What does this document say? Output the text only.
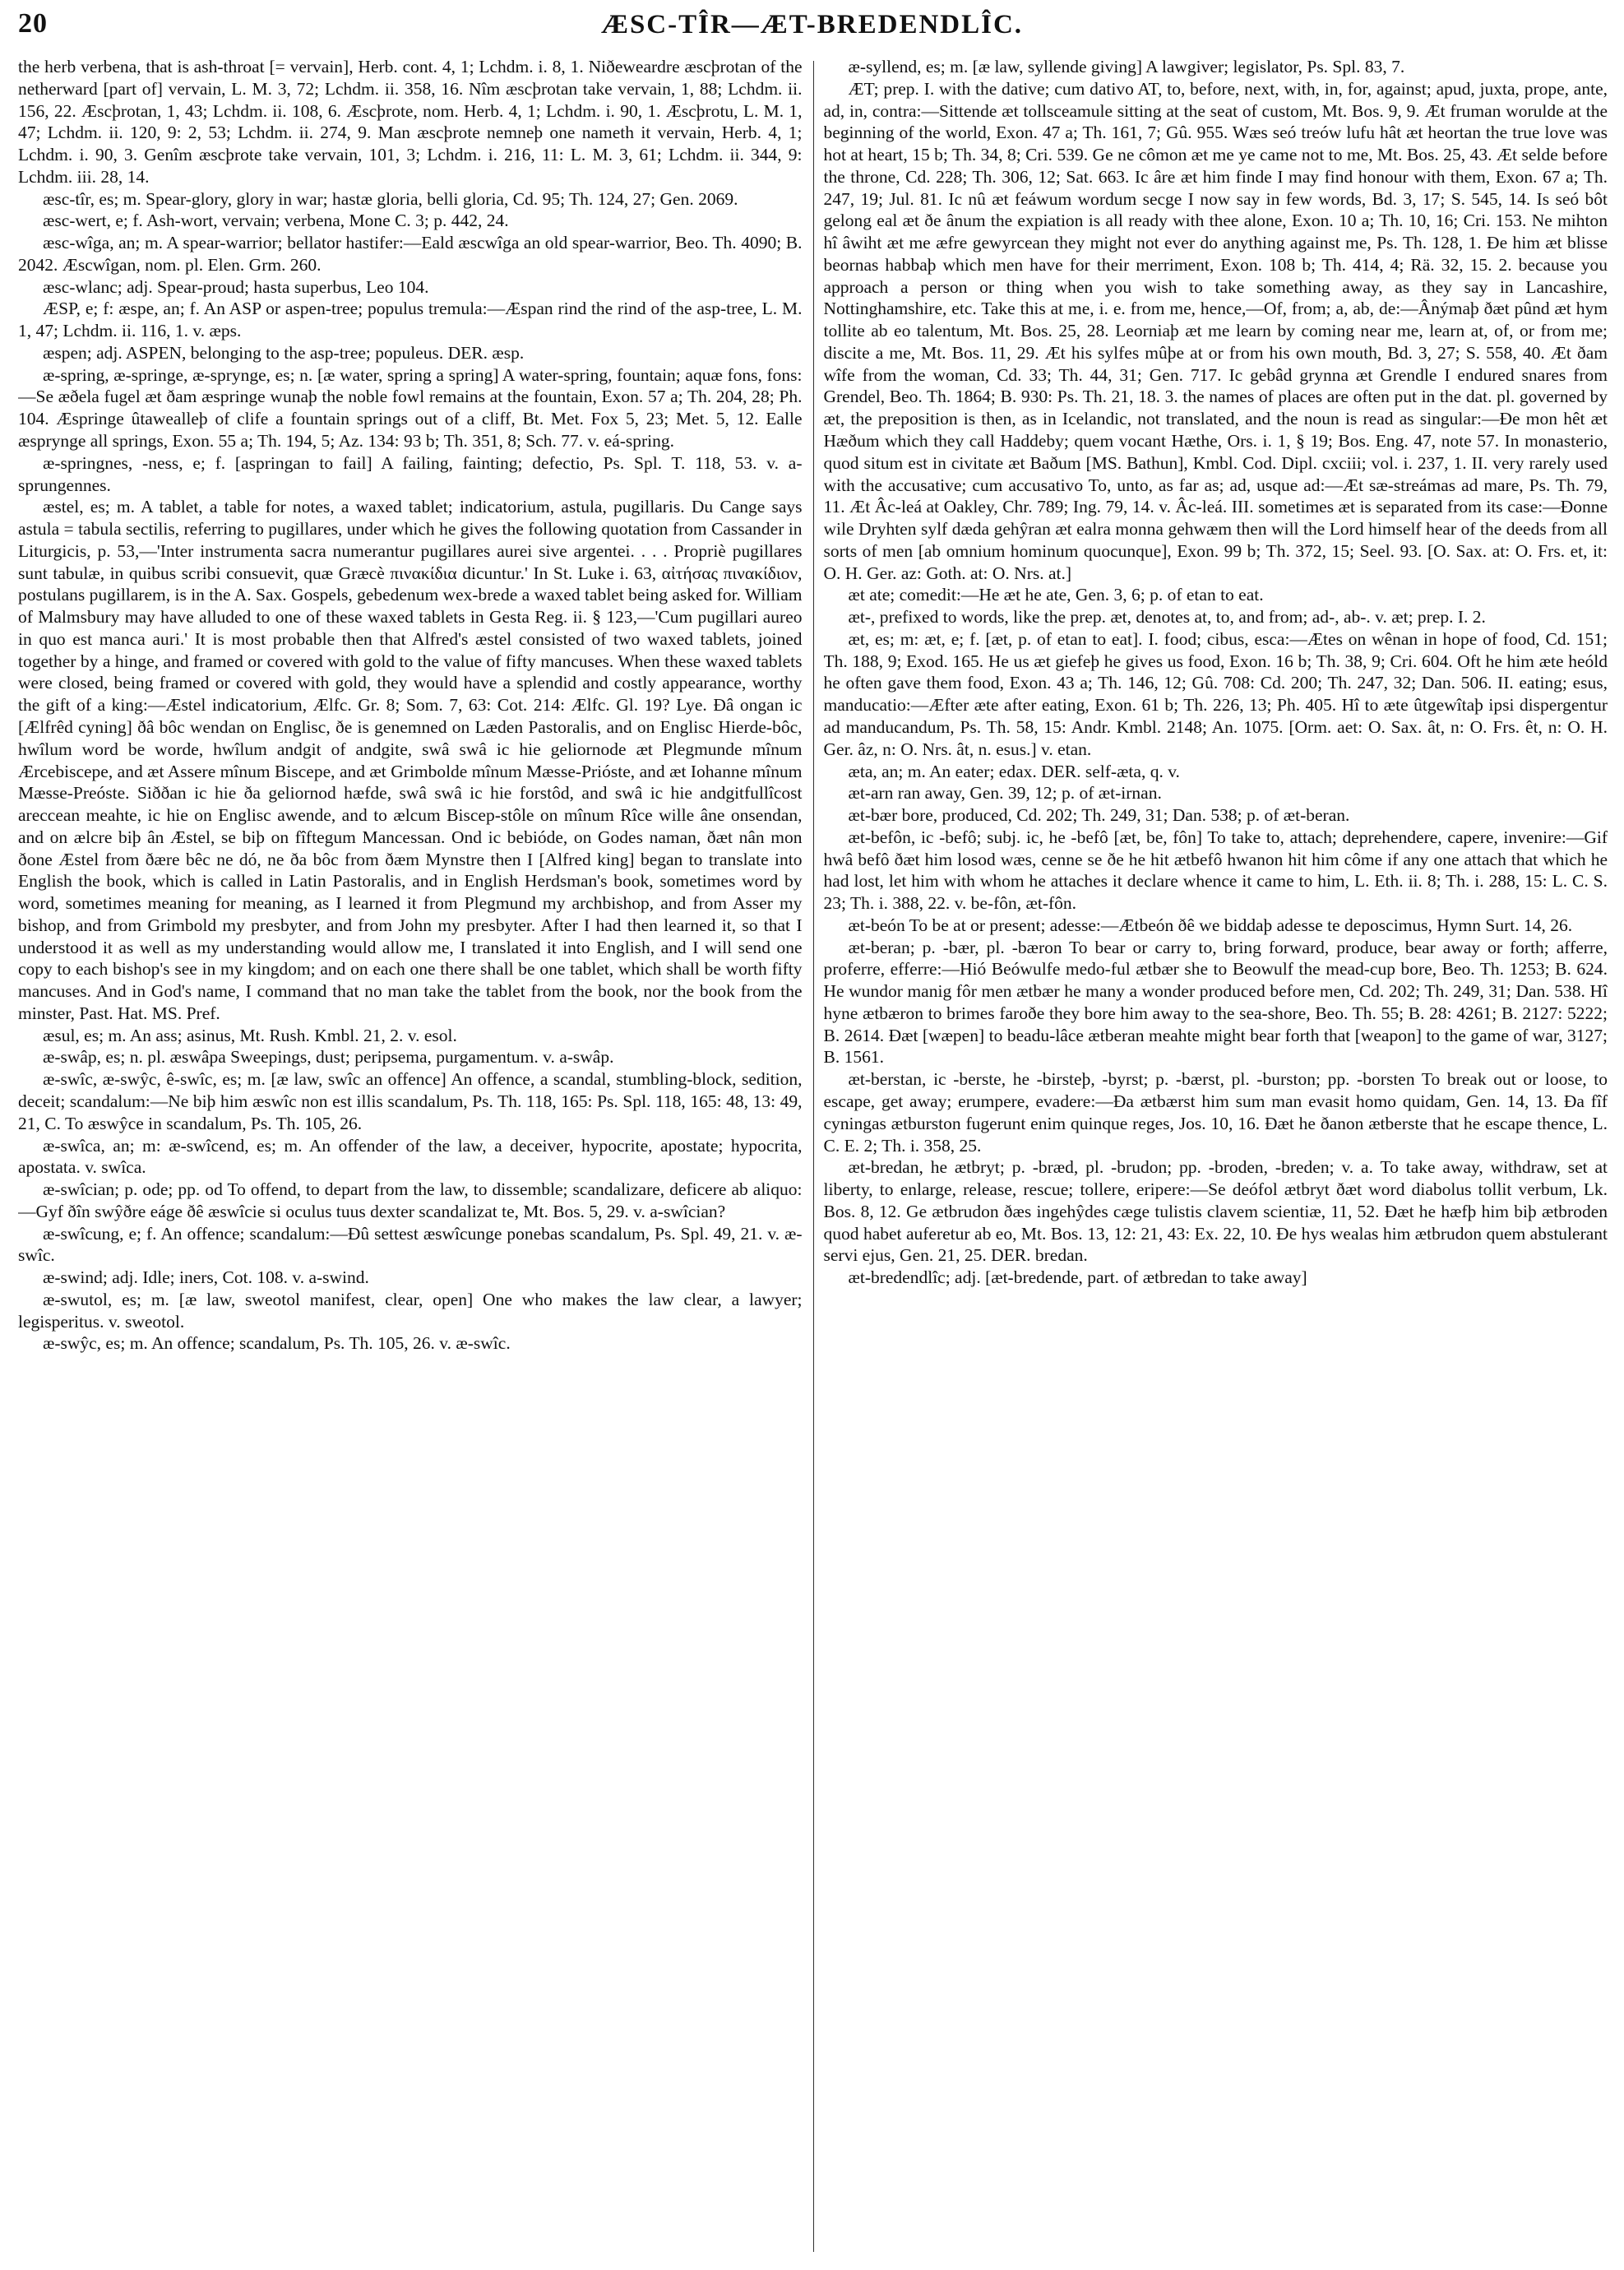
20	ÆSC-TÎR—ÆT-BREDENDLÎC.

the herb verbena, that is ash-throat [= vervain], Herb. cont. 4, 1; Lchdm. i. 8, 1. Niðeweardre æscþrotan of the netherward [part of] vervain, L. M. 3, 72; Lchdm. ii. 358, 16. Nîm æscþrotan take vervain, 1, 88; Lchdm. ii. 156, 22. Æscþrotan, 1, 43; Lchdm. ii. 108, 6. Æscþrote, nom. Herb. 4, 1; Lchdm. i. 90, 1. Æscþrotu, L. M. 1, 47; Lchdm. ii. 120, 9: 2, 53; Lchdm. ii. 274, 9. Man æscþrote nemneþ one nameth it vervain, Herb. 4, 1; Lchdm. i. 90, 3. Genîm æscþrote take vervain, 101, 3; Lchdm. i. 216, 11: L. M. 3, 61; Lchdm. ii. 344, 9: Lchdm. iii. 28, 14.

æsc-tîr, es; m. Spear-glory, glory in war; hastæ gloria, belli gloria, Cd. 95; Th. 124, 27; Gen. 2069.

æsc-wert, e; f. Ash-wort, vervain; verbena, Mone C. 3; p. 442, 24.

æsc-wîga, an; m. A spear-warrior; bellator hastifer:—Eald æscwîga an old spear-warrior, Beo. Th. 4090; B. 2042. Æscwîgan, nom. pl. Elen. Grm. 260.

æsc-wlanc; adj. Spear-proud; hasta superbus, Leo 104.

ÆSP, e; f: æspe, an; f. An ASP or aspen-tree; populus tremula:—Æspan rind the rind of the asp-tree, L. M. 1, 47; Lchdm. ii. 116, 1. v. æps.

æspen; adj. ASPEN, belonging to the asp-tree; populeus. DER. æsp.

æ-spring, æ-springe, æ-sprynge, es; n. [æ water, spring a spring] A water-spring, fountain; aquæ fons, fons:—Se æðela fugel æt ðam æspringe wunaþ the noble fowl remains at the fountain, Exon. 57 a; Th. 204, 28; Ph. 104. Æspringe ûtawealleþ of clife a fountain springs out of a cliff, Bt. Met. Fox 5, 23; Met. 5, 12. Ealle æsprynge all springs, Exon. 55 a; Th. 194, 5; Az. 134: 93 b; Th. 351, 8; Sch. 77. v. eá-spring.

æ-springnes, -ness, e; f. [aspringan to fail] A failing, fainting; defectio, Ps. Spl. T. 118, 53. v. a-sprungennes.

æstel, es; m. A tablet, a table for notes, a waxed tablet; indicatorium, astula, pugillaris. Du Cange says astula = tabula sectilis, referring to pugillares, under which he gives the following quotation from Cassander in Liturgicis, p. 53,—'Inter instrumenta sacra numerantur pugillares aurei sive argentei. . . . Propriè pugillares sunt tabulæ, in quibus scribi consuevit, quæ Græcè πινακίδια dicuntur.' In St. Luke i. 63, αἰτήσας πινακίδιον, postulans pugillarem, is in the A. Sax. Gospels, gebedenum wex-brede a waxed tablet being asked for. William of Malmsbury may have alluded to one of these waxed tablets in Gesta Reg. ii. § 123,—'Cum pugillari aureo in quo est manca auri.' It is most probable then that Alfred's æstel consisted of two waxed tablets, joined together by a hinge, and framed or covered with gold to the value of fifty mancuses. When these waxed tablets were closed, being framed or covered with gold, they would have a splendid and costly appearance, worthy the gift of a king:—Æstel indicatorium, Ælfc. Gr. 8; Som. 7, 63: Cot. 214: Ælfc. Gl. 19? Lye. Ðâ ongan ic [Ælfrêd cyning] ðâ bôc wendan on Englisc, ðe is genemned on Læden Pastoralis, and on Englisc Hierde-bôc, hwîlum word be worde, hwîlum andgit of andgite, swâ swâ ic hie geliornode æt Plegmunde mînum Ærcebiscepe, and æt Assere mînum Biscepe, and æt Grimbolde mînum Mæsse-Prióste, and æt Iohanne mînum Mæsse-Preóste. Siððan ic hie ða geliornod hæfde, swâ swâ ic hie forstôd, and swâ ic hie andgitfullîcost areccean meahte, ic hie on Englisc awende, and to ælcum Biscep-stôle on mînum Rîce wille âne onsendan, and on ælcre biþ ân Æstel, se biþ on fîftegum Mancessan. Ond ic bebióde, on Godes naman, ðæt nân mon ðone Æstel from ðære bêc ne dó, ne ða bôc from ðæm Mynstre then I [Alfred king] began to translate into English the book, which is called in Latin Pastoralis, and in English Herdsman's book, sometimes word by word, sometimes meaning for meaning, as I learned it from Plegmund my archbishop, and from Asser my bishop, and from Grimbold my presbyter, and from John my presbyter. After I had then learned it, so that I understood it as well as my understanding would allow me, I translated it into English, and I will send one copy to each bishop's see in my kingdom; and on each one there shall be one tablet, which shall be worth fifty mancuses. And in God's name, I command that no man take the tablet from the book, nor the book from the minster, Past. Hat. MS. Pref.

æsul, es; m. An ass; asinus, Mt. Rush. Kmbl. 21, 2. v. esol.

æ-swâp, es; n. pl. æswâpa Sweepings, dust; peripsema, purgamentum. v. a-swâp.

æ-swîc, æ-swŷc, ê-swîc, es; m. [æ law, swîc an offence] An offence, a scandal, stumbling-block, sedition, deceit; scandalum:—Ne biþ him æswîc non est illis scandalum, Ps. Th. 118, 165: Ps. Spl. 118, 165: 48, 13: 49, 21, C. To æswŷce in scandalum, Ps. Th. 105, 26.

æ-swîca, an; m: æ-swîcend, es; m. An offender of the law, a deceiver, hypocrite, apostate; hypocrita, apostata. v. swîca.

æ-swîcian; p. ode; pp. od To offend, to depart from the law, to dissemble; scandalizare, deficere ab aliquo:—Gyf ðîn swŷðre eáge ðê æswîcie si oculus tuus dexter scandalizat te, Mt. Bos. 5, 29. v. a-swîcian?

æ-swîcung, e; f. An offence; scandalum:—Ðû settest æswîcunge ponebas scandalum, Ps. Spl. 49, 21. v. æ-swîc.

æ-swind; adj. Idle; iners, Cot. 108. v. a-swind.

æ-swutol, es; m. [æ law, sweotol manifest, clear, open] One who makes the law clear, a lawyer; legisperitus. v. sweotol.

æ-swŷc, es; m. An offence; scandalum, Ps. Th. 105, 26. v. æ-swîc.

æ-syllend, es; m. [æ law, syllende giving] A lawgiver; legislator, Ps. Spl. 83, 7.

ÆT; prep. I. with the dative; cum dativo AT, to, before, next, with, in, for, against; apud, juxta, prope, ante, ad, in, contra:—Sittende æt tollsceamule sitting at the seat of custom, Mt. Bos. 9, 9. Æt fruman worulde at the beginning of the world, Exon. 47 a; Th. 161, 7; Gû. 955. Wæs seó treów lufu hât æt heortan the true love was hot at heart, 15 b; Th. 34, 8; Cri. 539. Ge ne cômon æt me ye came not to me, Mt. Bos. 25, 43. Æt selde before the throne, Cd. 228; Th. 306, 12; Sat. 663. Ic âre æt him finde I may find honour with them, Exon. 67 a; Th. 247, 19; Jul. 81. Ic nû æt feáwum wordum secge I now say in few words, Bd. 3, 17; S. 545, 14. Is seó bôt gelong eal æt ðe ânum the expiation is all ready with thee alone, Exon. 10 a; Th. 10, 16; Cri. 153. Ne mihton hî âwiht æt me æfre gewyrcean they might not ever do anything against me, Ps. Th. 128, 1. Ðe him æt blisse beornas habbaþ which men have for their merriment, Exon. 108 b; Th. 414, 4; Rä. 32, 15. 2. because you approach a person or thing when you wish to take something away, as they say in Lancashire, Nottinghamshire, etc. Take this at me, i. e. from me, hence,—Of, from; a, ab, de:—Ânýmaþ ðæt pûnd æt hym tollite ab eo talentum, Mt. Bos. 25, 28. Leorniaþ æt me learn by coming near me, learn at, of, or from me; discite a me, Mt. Bos. 11, 29. Æt his sylfes mûþe at or from his own mouth, Bd. 3, 27; S. 558, 40. Æt ðam wîfe from the woman, Cd. 33; Th. 44, 31; Gen. 717. Ic gebâd grynna æt Grendle I endured snares from Grendel, Beo. Th. 1864; B. 930: Ps. Th. 21, 18. 3. the names of places are often put in the dat. pl. governed by æt, the preposition is then, as in Icelandic, not translated, and the noun is read as singular:—Ðe mon hêt æt Hæðum which they call Haddeby; quem vocant Hæthe, Ors. i. 1, § 19; Bos. Eng. 47, note 57. In monasterio, quod situm est in civitate æt Baðum [MS. Bathun], Kmbl. Cod. Dipl. cxciii; vol. i. 237, 1. II. very rarely used with the accusative; cum accusativo To, unto, as far as; ad, usque ad:—Æt sæ-streámas ad mare, Ps. Th. 79, 11. Æt Âc-leá at Oakley, Chr. 789; Ing. 79, 14. v. Âc-leá. III. sometimes æt is separated from its case:—Ðonne wile Dryhten sylf dæda gehŷran æt ealra monna gehwæm then will the Lord himself hear of the deeds from all sorts of men [ab omnium hominum quocunque], Exon. 99 b; Th. 372, 15; Seel. 93. [O. Sax. at: O. Frs. et, it: O. H. Ger. az: Goth. at: O. Nrs. at.]

æt ate; comedit:—He æt he ate, Gen. 3, 6; p. of etan to eat.

æt-, prefixed to words, like the prep. æt, denotes at, to, and from; ad-, ab-. v. æt; prep. I. 2.

æt, es; m: æt, e; f. [æt, p. of etan to eat]. I. food; cibus, esca:—Ætes on wênan in hope of food, Cd. 151; Th. 188, 9; Exod. 165. He us æt giefeþ he gives us food, Exon. 16 b; Th. 38, 9; Cri. 604. Oft he him æte heóld he often gave them food, Exon. 43 a; Th. 146, 12; Gû. 708: Cd. 200; Th. 247, 32; Dan. 506. II. eating; esus, manducatio:—Æfter æte after eating, Exon. 61 b; Th. 226, 13; Ph. 405. Hî to æte ûtgewîtaþ ipsi dispergentur ad manducandum, Ps. Th. 58, 15: Andr. Kmbl. 2148; An. 1075. [Orm. aet: O. Sax. ât, n: O. Frs. êt, n: O. H. Ger. âz, n: O. Nrs. ât, n. esus.] v. etan.

æta, an; m. An eater; edax. DER. self-æta, q. v.

æt-arn ran away, Gen. 39, 12; p. of æt-irnan.

æt-bær bore, produced, Cd. 202; Th. 249, 31; Dan. 538; p. of æt-beran.

æt-befôn, ic -befô; subj. ic, he -befô [æt, be, fôn] To take to, attach; deprehendere, capere, invenire:—Gif hwâ befô ðæt him losod wæs, cenne se ðe he hit ætbefô hwanon hit him côme if any one attach that which he had lost, let him with whom he attaches it declare whence it came to him, L. Eth. ii. 8; Th. i. 288, 15: L. C. S. 23; Th. i. 388, 22. v. be-fôn, æt-fôn.

æt-beón To be at or present; adesse:—Ætbeón ðê we biddaþ adesse te deposcimus, Hymn Surt. 14, 26.

æt-beran; p. -bær, pl. -bæron To bear or carry to, bring forward, produce, bear away or forth; afferre, proferre, efferre:—Hió Beówulfe medo-ful ætbær she to Beowulf the mead-cup bore, Beo. Th. 1253; B. 624. He wundor manig fôr men ætbær he many a wonder produced before men, Cd. 202; Th. 249, 31; Dan. 538. Hî hyne ætbæron to brimes faroðe they bore him away to the sea-shore, Beo. Th. 55; B. 28: 4261; B. 2127: 5222; B. 2614. Ðæt [wæpen] to beadu-lâce ætberan meahte might bear forth that [weapon] to the game of war, 3127; B. 1561.

æt-berstan, ic -berste, he -birsteþ, -byrst; p. -bærst, pl. -burston; pp. -borsten To break out or loose, to escape, get away; erumpere, evadere:—Ða ætbærst him sum man evasit homo quidam, Gen. 14, 13. Ða fîf cyningas ætburston fugerunt enim quinque reges, Jos. 10, 16. Ðæt he ðanon ætberste that he escape thence, L. C. E. 2; Th. i. 358, 25.

æt-bredan, he ætbryt; p. -bræd, pl. -brudon; pp. -broden, -breden; v. a. To take away, withdraw, set at liberty, to enlarge, release, rescue; tollere, eripere:—Se deófol ætbryt ðæt word diabolus tollit verbum, Lk. Bos. 8, 12. Ge ætbrudon ðæs ingehŷdes cæge tulistis clavem scientiæ, 11, 52. Ðæt he hæfþ him biþ ætbroden quod habet auferetur ab eo, Mt. Bos. 13, 12: 21, 43: Ex. 22, 10. Ðe hys wealas him ætbrudon quem abstulerant servi ejus, Gen. 21, 25. DER. bredan.

æt-bredendlîc; adj. [æt-bredende, part. of ætbredan to take away]
